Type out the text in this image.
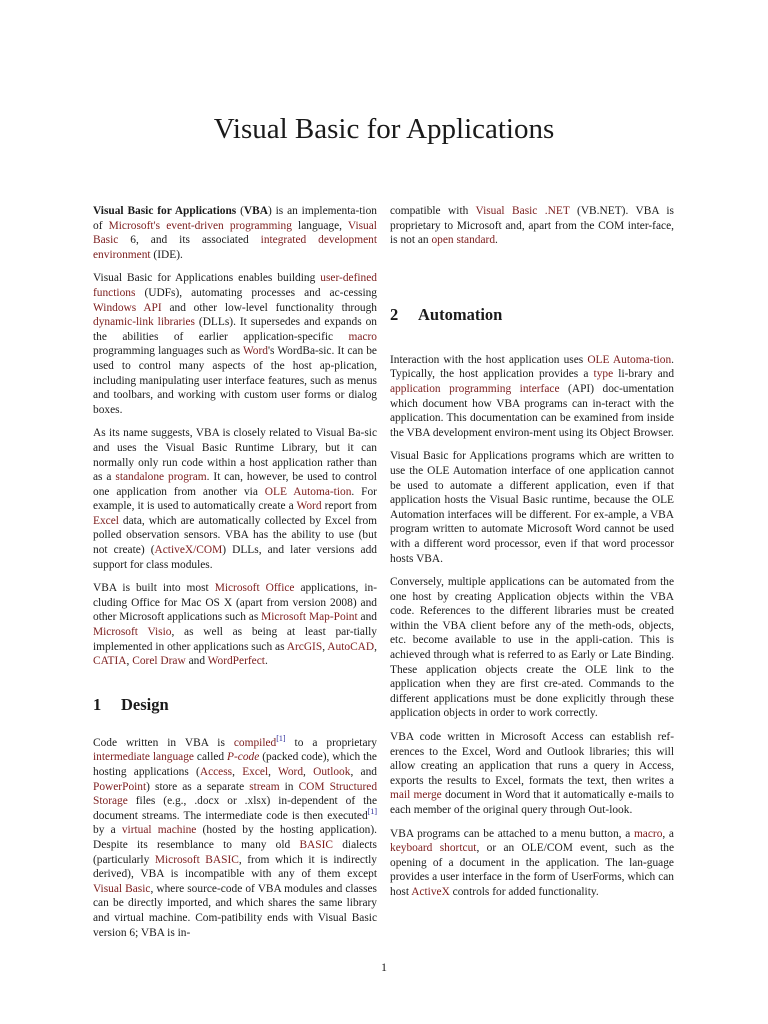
Visual Basic for Applications

Visual Basic for Applications (VBA) is an implementa-tion of Microsoft's event-driven programming language, Visual Basic 6, and its associated integrated development environment (IDE).

Visual Basic for Applications enables building user-defined functions (UDFs), automating processes and ac-cessing Windows API and other low-level functionality through dynamic-link libraries (DLLs). It supersedes and expands on the abilities of earlier application-specific macro programming languages such as Word's WordBa-sic. It can be used to control many aspects of the host ap-plication, including manipulating user interface features, such as menus and toolbars, and working with custom user forms or dialog boxes.

As its name suggests, VBA is closely related to Visual Ba-sic and uses the Visual Basic Runtime Library, but it can normally only run code within a host application rather than as a standalone program. It can, however, be used to control one application from another via OLE Automa-tion. For example, it is used to automatically create a Word report from Excel data, which are automatically collected by Excel from polled observation sensors. VBA has the ability to use (but not create) (ActiveX/COM) DLLs, and later versions add support for class modules.

VBA is built into most Microsoft Office applications, in-cluding Office for Mac OS X (apart from version 2008) and other Microsoft applications such as Microsoft Map-Point and Microsoft Visio, as well as being at least par-tially implemented in other applications such as ArcGIS, AutoCAD, CATIA, Corel Draw and WordPerfect.

1 Design

Code written in VBA is compiled[1] to a proprietary intermediate language called P-code (packed code), which the hosting applications (Access, Excel, Word, Outlook, and PowerPoint) store as a separate stream in COM Structured Storage files (e.g., .docx or .xlsx) in-dependent of the document streams. The intermediate code is then executed[1] by a virtual machine (hosted by the hosting application). Despite its resemblance to many old BASIC dialects (particularly Microsoft BASIC, from which it is indirectly derived), VBA is incompatible with any of them except Visual Basic, where source-code of VBA modules and classes can be directly imported, and which shares the same library and virtual machine. Com-patibility ends with Visual Basic version 6; VBA is in-

compatible with Visual Basic .NET (VB.NET). VBA is proprietary to Microsoft and, apart from the COM inter-face, is not an open standard.

2 Automation

Interaction with the host application uses OLE Automa-tion. Typically, the host application provides a type li-brary and application programming interface (API) doc-umentation which document how VBA programs can in-teract with the application. This documentation can be examined from inside the VBA development environ-ment using its Object Browser.

Visual Basic for Applications programs which are written to use the OLE Automation interface of one application cannot be used to automate a different application, even if that application hosts the Visual Basic runtime, because the OLE Automation interfaces will be different. For ex-ample, a VBA program written to automate Microsoft Word cannot be used with a different word processor, even if that word processor hosts VBA.

Conversely, multiple applications can be automated from the one host by creating Application objects within the VBA code. References to the different libraries must be created within the VBA client before any of the meth-ods, objects, etc. become available to use in the appli-cation. This is achieved through what is referred to as Early or Late Binding. These application objects create the OLE link to the application when they are first cre-ated. Commands to the different applications must be done explicitly through these application objects in order to work correctly.

VBA code written in Microsoft Access can establish ref-erences to the Excel, Word and Outlook libraries; this will allow creating an application that runs a query in Access, exports the results to Excel, formats the text, then writes a mail merge document in Word that it automatically e-mails to each member of the original query through Out-look.

VBA programs can be attached to a menu button, a macro, a keyboard shortcut, or an OLE/COM event, such as the opening of a document in the application. The lan-guage provides a user interface in the form of UserForms, which can host ActiveX controls for added functionality.

1
